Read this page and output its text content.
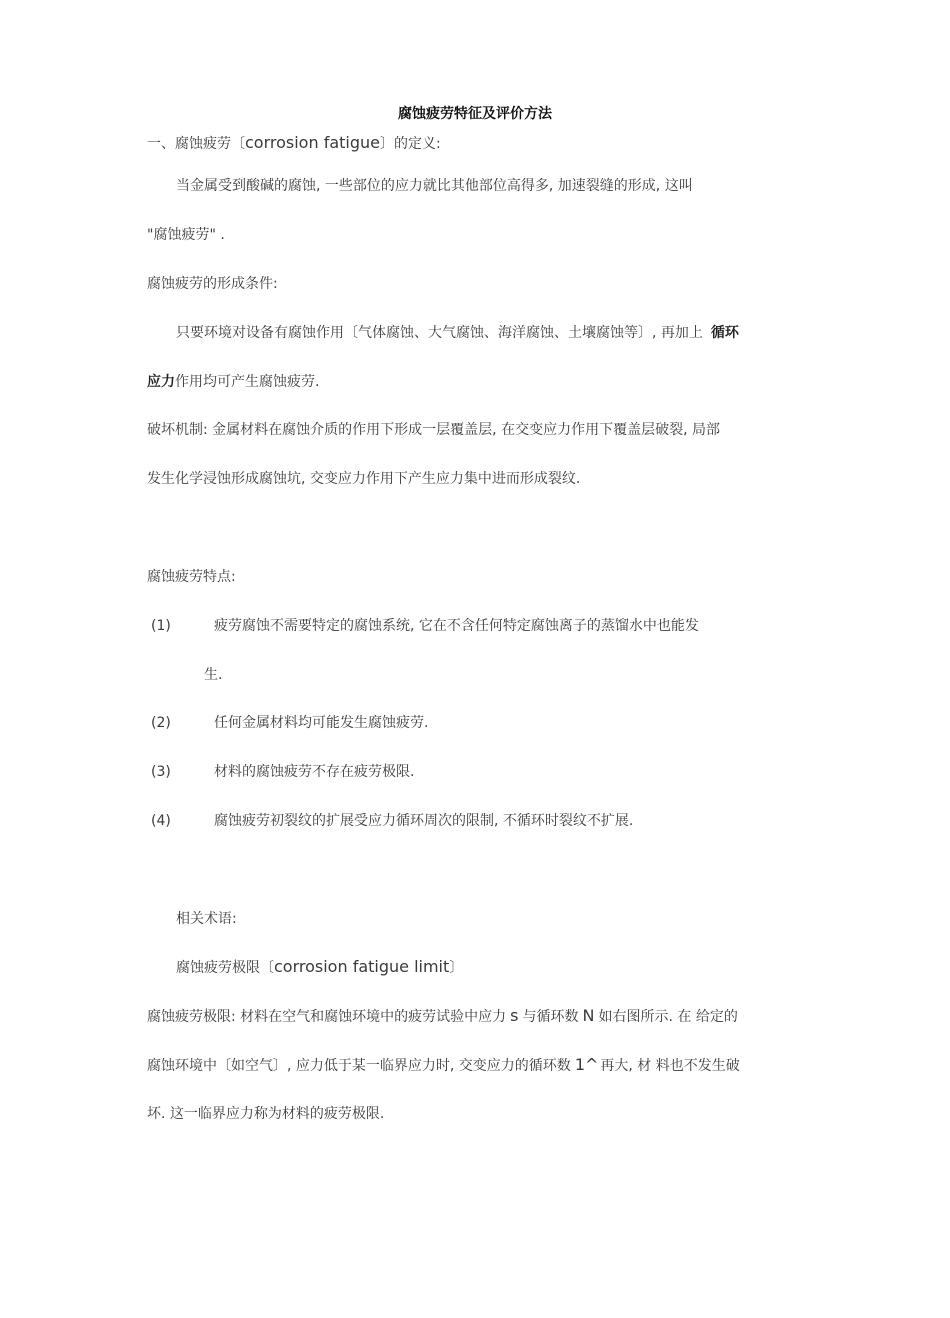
腐蚀疲劳特征及评价方法
一、腐蚀疲劳〔corrosion fatigue〕的定义:
当金属受到酸碱的腐蚀, 一些部位的应力就比其他部位高得多, 加速裂缝的形成, 这叫
"腐蚀疲劳" .
腐蚀疲劳的形成条件:
只要环境对设备有腐蚀作用〔气体腐蚀、大气腐蚀、海洋腐蚀、土壤腐蚀等〕, 再加上 循环
应力作用均可产生腐蚀疲劳.
破坏机制: 金属材料在腐蚀介质的作用下形成一层覆盖层, 在交变应力作用下覆盖层破裂, 局部
发生化学浸蚀形成腐蚀坑, 交变应力作用下产生应力集中进而形成裂纹.
腐蚀疲劳特点:
(1)	疲劳腐蚀不需要特定的腐蚀系统, 它在不含任何特定腐蚀离子的蒸馏水中也能发
生.
(2)	任何金属材料均可能发生腐蚀疲劳.
(3)	材料的腐蚀疲劳不存在疲劳极限.
(4)	腐蚀疲劳初裂纹的扩展受应力循环周次的限制, 不循环时裂纹不扩展.
相关术语:
腐蚀疲劳极限〔corrosion fatigue limit〕
腐蚀疲劳极限: 材料在空气和腐蚀环境中的疲劳试验中应力 s 与循环数 N 如右图所示. 在 给定的
腐蚀环境中〔如空气〕, 应力低于某一临界应力时, 交变应力的循环数 1^ 再大, 材 料也不发生破
坏. 这一临界应力称为材料的疲劳极限.
